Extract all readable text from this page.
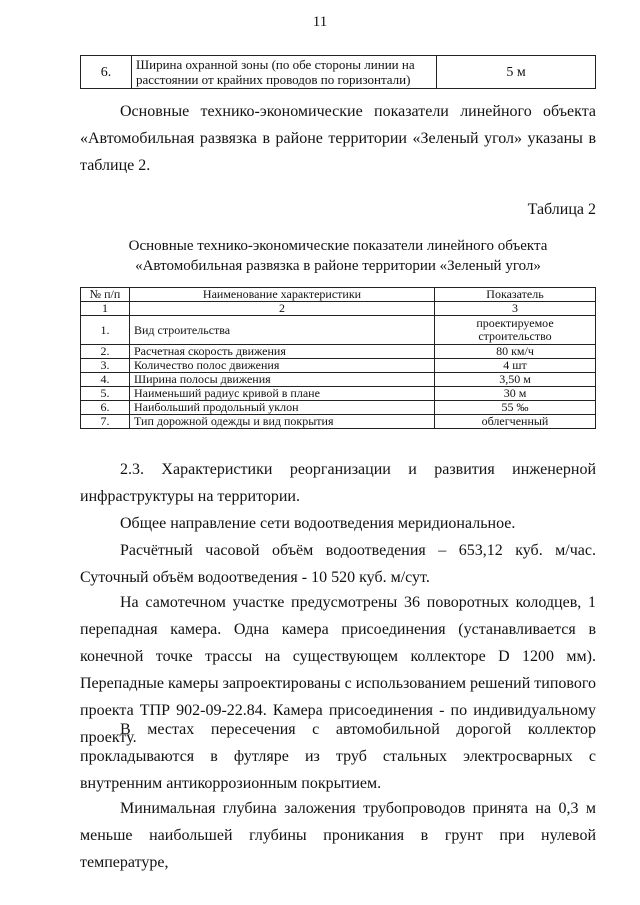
11
6.	Ширина охранной зоны (по обе стороны линии на расстоянии от крайних проводов по горизонтали)	5 м
Основные технико-экономические показатели линейного объекта «Автомобильная развязка в районе территории «Зеленый угол» указаны в таблице 2.
Таблица 2
Основные технико-экономические показатели линейного объекта
«Автомобильная развязка в районе территории «Зеленый угол»
№ п/п	Наименование характеристики	Показатель
1	2	3
1.	Вид строительства	проектируемое строительство
2.	Расчетная скорость движения	80 км/ч
3.	Количество полос движения	4 шт
4.	Ширина полосы движения	3,50 м
5.	Наименьший радиус кривой в плане	30 м
6.	Наибольший продольный уклон	55 ‰
7.	Тип дорожной одежды и вид покрытия	облегченный
2.3. Характеристики реорганизации и развития инженерной инфраструктуры на территории.
Общее направление сети водоотведения меридиональное.
Расчётный часовой объём водоотведения – 653,12 куб. м/час. Суточный объём водоотведения - 10 520 куб. м/сут.
На самотечном участке предусмотрены 36 поворотных колодцев, 1 перепадная камера. Одна камера присоединения (устанавливается в конечной точке трассы на существующем коллекторе D 1200 мм). Перепадные камеры запроектированы с использованием решений типового проекта ТПР 902-09-22.84. Камера присоединения - по индивидуальному проекту.
В местах пересечения с автомобильной дорогой коллектор прокладываются в футляре из труб стальных электросварных с внутренним антикоррозионным покрытием.
Минимальная глубина заложения трубопроводов принята на 0,3 м меньше наибольшей глубины проникания в грунт при нулевой температуре,
